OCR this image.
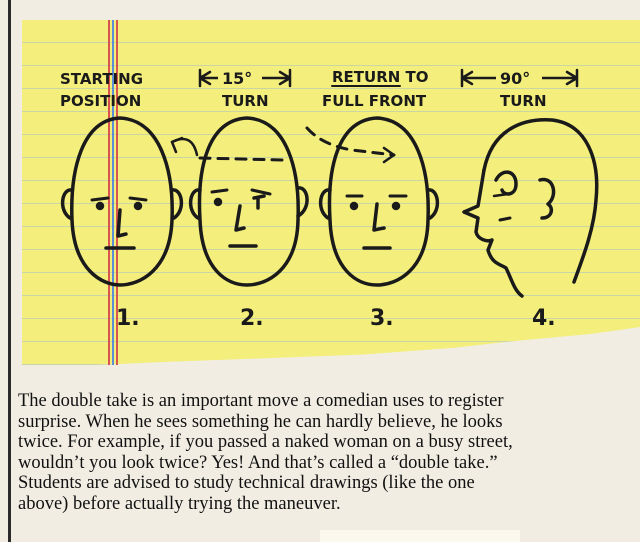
STARTING
POSITION
15°
TURN
RETURN TO
FULL FRONT
90°
TURN
1.	2.	3.	4.

The double take is an important move a comedian uses to register
surprise. When he sees something he can hardly believe, he looks
twice. For example, if you passed a naked woman on a busy street,
wouldn’t you look twice? Yes! And that’s called a “double take.”
Students are advised to study technical drawings (like the one
above) before actually trying the maneuver.
